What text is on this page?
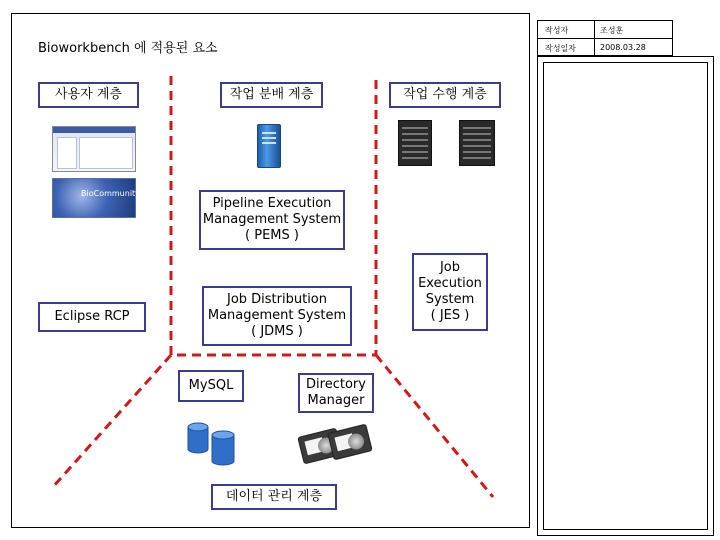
작성자	조성훈
작성일자	2008.03.28
Bioworkbench 에 적용된 요소
사용자 계층	작업 분배 계층	작업 수행 계층
데이터 관리 계층
BioCommunity
Pipeline Execution
Management System
( PEMS )
Job Distribution
Management System
( JDMS )
Job
Execution
System
( JES )
Eclipse RCP
MySQL	Directory
Manager
